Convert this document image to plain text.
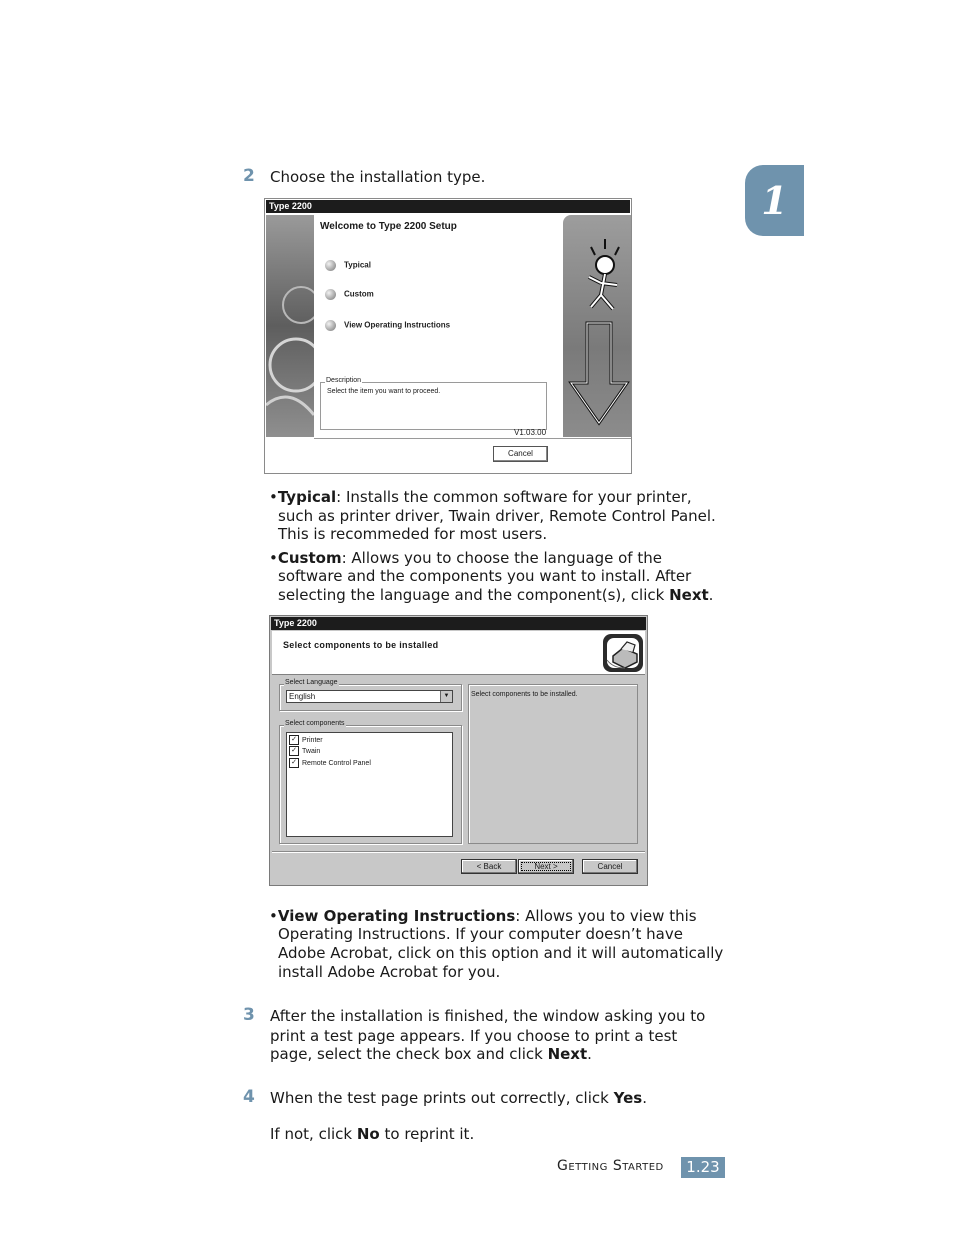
1
2 Choose the installation type.
Type 2200
Welcome to Type 2200 Setup
Typical
Custom
View Operating Instructions
Description
Select the item you want to proceed.
V1.03.00
Cancel
•Typical: Installs the common software for your printer,
such as printer driver, Twain driver, Remote Control Panel.
This is recommeded for most users.
•Custom: Allows you to choose the language of the
software and the components you want to install. After
selecting the language and the component(s), click Next.
Type 2200
Select components to be installed
Select Language
English	▼
Select components
✓ Printer
✓ Twain
✓ Remote Control Panel
Select components to be installed.
< Back	Next >	Cancel
•View Operating Instructions: Allows you to view this
Operating Instructions. If your computer doesn’t have
Adobe Acrobat, click on this option and it will automatically
install Adobe Acrobat for you.
3 After the installation is finished, the window asking you to
print a test page appears. If you choose to print a test
page, select the check box and click Next.
4 When the test page prints out correctly, click Yes.
If not, click No to reprint it.
Getting Started	1.23
